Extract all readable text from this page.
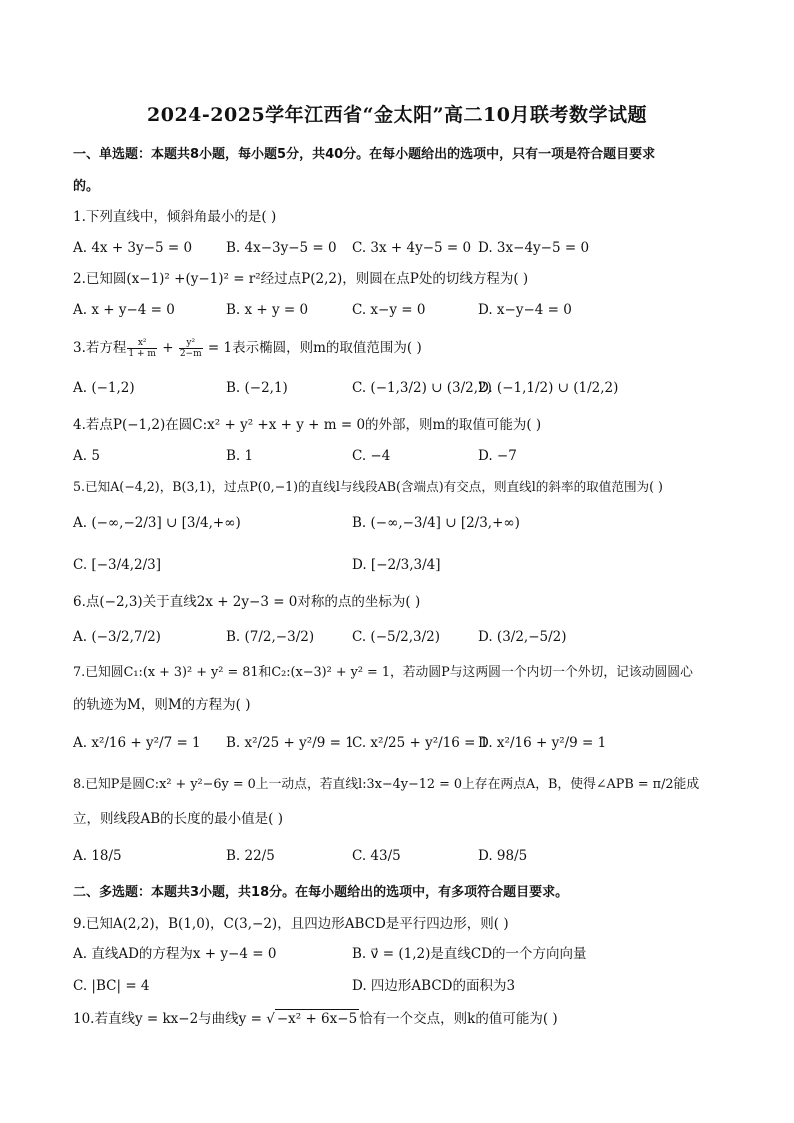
2024-2025学年江西省“金太阳”高二10月联考数学试题
一、单选题：本题共8小题，每小题5分，共40分。在每小题给出的选项中，只有一项是符合题目要求
的。
1.下列直线中，倾斜角最小的是( )
A. 4x + 3y−5 = 0	B. 4x−3y−5 = 0 C. 3x + 4y−5 = 0 D. 3x−4y−5 = 0
2.已知圆(x−1)² +(y−1)² = r²经过点P(2,2)，则圆在点P处的切线方程为( )
A. x + y−4 = 0	B. x + y = 0	C. x−y = 0	D. x−y−4 = 0
3.若方程 $\frac{\text{x²}}{1 + m} + \frac{\text{y²}}{2-m} = 1$表示椭圆，则m的取值范围为( )
A. (−1,2)	B. (−2,1)	C. (−1,3/2) ∪ (3/2,2)
D. (−1,1/2) ∪ (1/2,2)
4.若点P(−1,2)在圆C:x² + y² +x + y + m = 0的外部，则m的取值可能为( )
A. 5	B. 1	C. −4	D. −7
5.已知A(−4,2)，B(3,1)，过点P(0,−1)的直线l与线段AB(含端点)有交点，则直线l的斜率的取值范围为( )
A. (−∞,−2/3] ∪ [3/4,+∞)	B. (−∞,−3/4] ∪ [2/3,+∞)
C. [−3/4,2/3]	D. [−2/3,3/4]
6.点(−2,3)关于直线2x + 2y−3 = 0对称的点的坐标为( )
A. (−3/2,7/2)	B. (7/2,−3/2)	C. (−5/2,3/2)	D. (3/2,−5/2)
7.已知圆C₁:(x + 3)² + y² = 81和C₂:(x−3)² + y² = 1，若动圆P与这两圆一个内切一个外切，记该动圆圆心
的轨迹为M，则M的方程为( )
A. x²/16 + y²/7 = 1 B. x²/25 + y²/9 = 1
C. x²/25 + y²/16 = 1
D. x²/16 + y²/9 = 1
8.已知P是圆C:x² + y²−6y = 0上一动点，若直线l:3x−4y−12 = 0上存在两点A，B，使得∠APB = π/2能成
立，则线段AB的长度的最小值是( )
A. 18/5	B. 22/5	C. 43/5	D. 98/5
二、多选题：本题共3小题，共18分。在每小题给出的选项中，有多项符合题目要求。
9.已知A(2,2)，B(1,0)，C(3,−2)，且四边形ABCD是平行四边形，则( )
A. 直线AD的方程为x + y−4 = 0	B. v⃗ = (1,2)是直线CD的一个方向向量
C. |BC| = 4	D. 四边形ABCD的面积为3
10.若直线y = kx−2与曲线y = √ −x² + 6x−5 恰有一个交点，则k的值可能为( )
